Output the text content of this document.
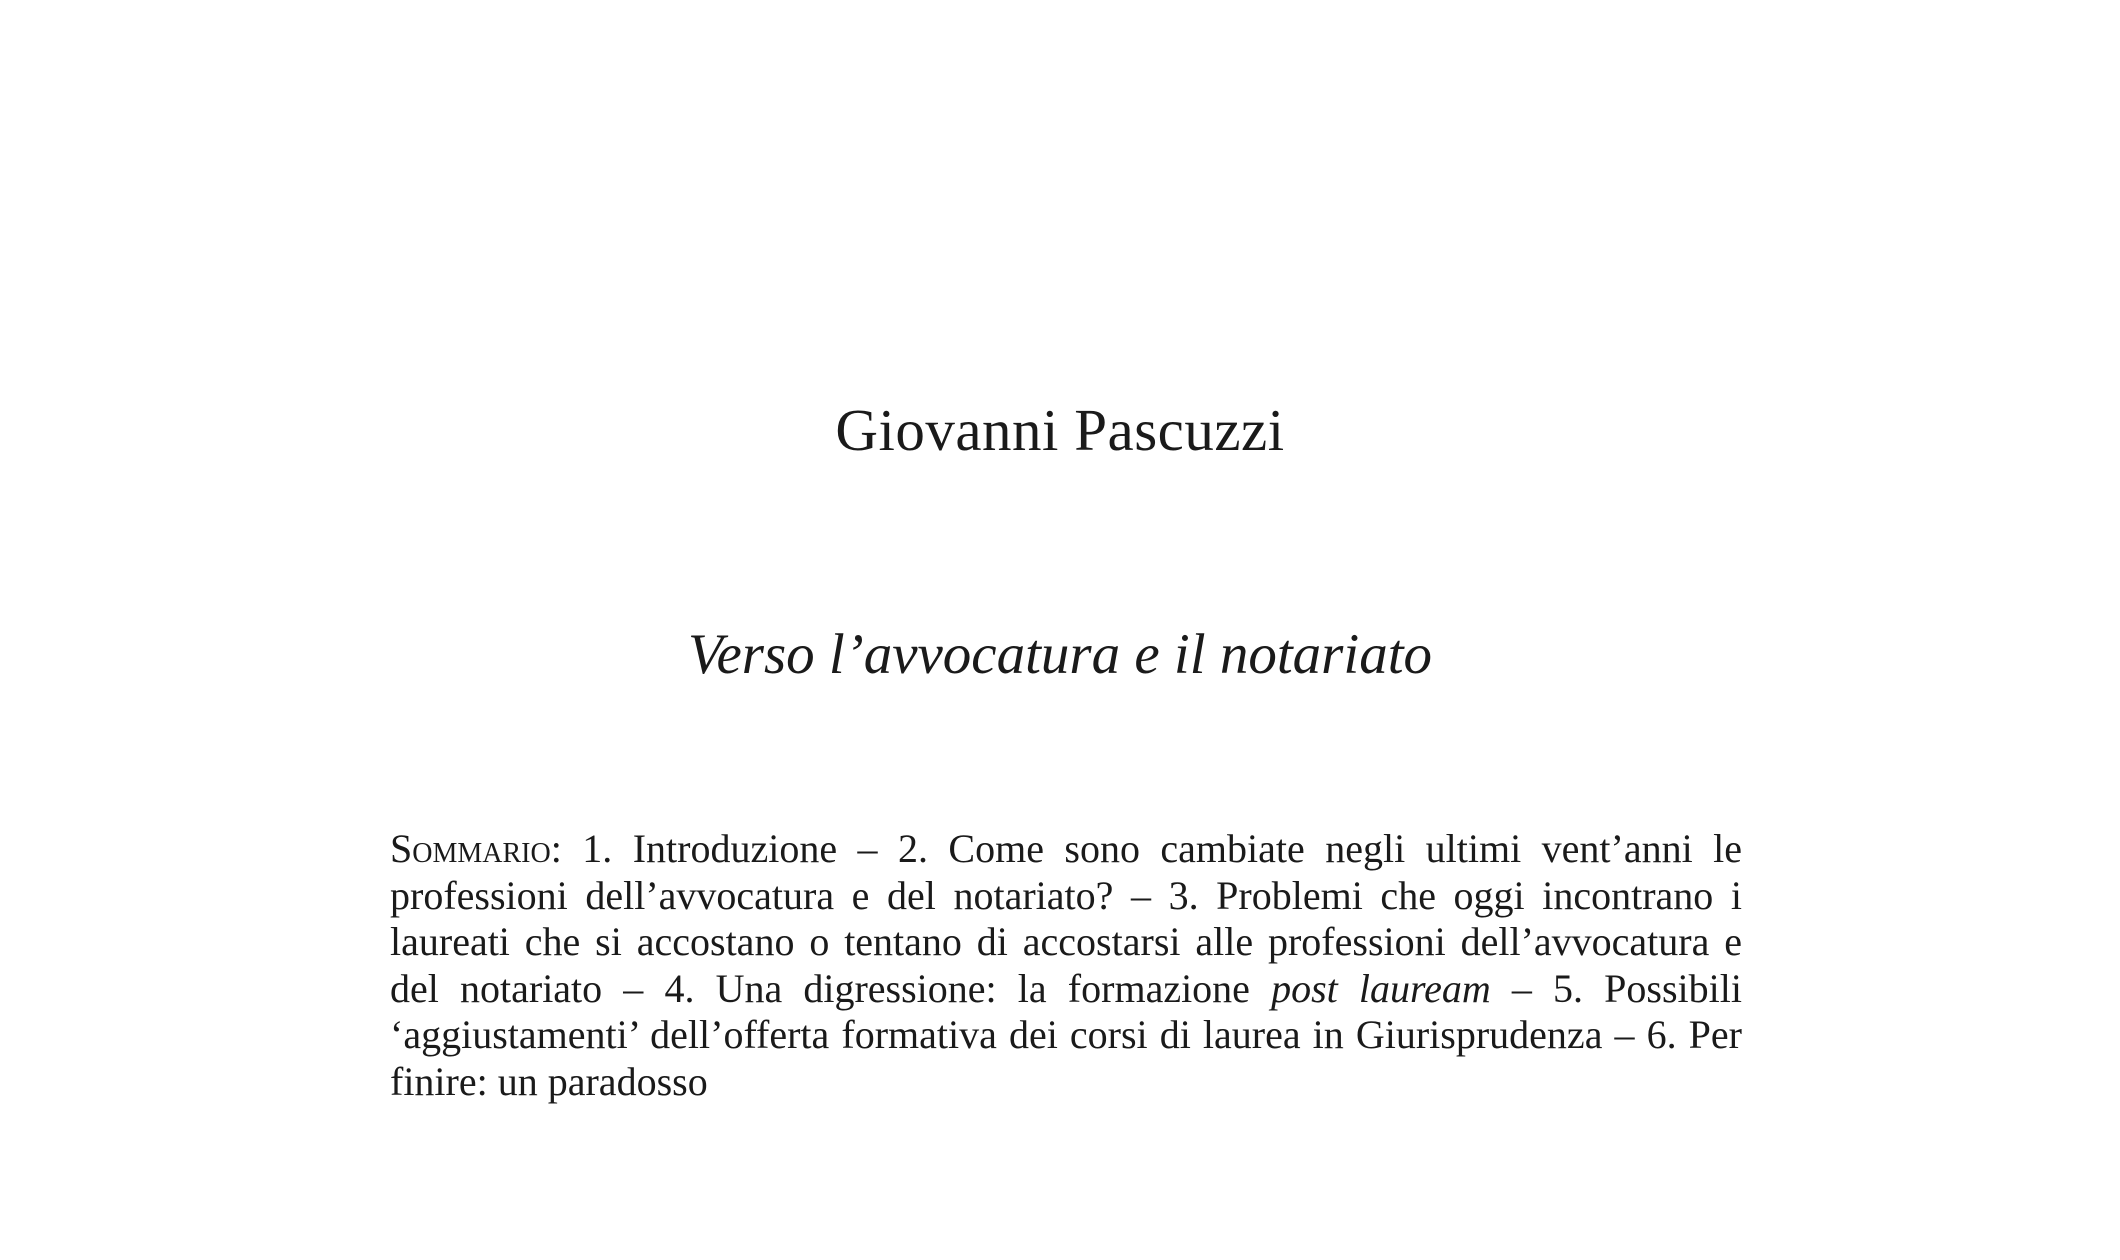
Giovanni Pascuzzi
Verso l’avvocatura e il notariato
Sommario: 1. Introduzione – 2. Come sono cambiate negli ultimi vent’anni le professioni dell’avvocatura e del notariato? – 3. Problemi che oggi incontrano i laureati che si accostano o tentano di accostarsi alle professioni dell’avvocatura e del notariato – 4. Una digressione: la formazione post lauream – 5. Possibili ‘aggiustamenti’ dell’offerta formativa dei corsi di laurea in Giurisprudenza – 6. Per finire: un paradosso
